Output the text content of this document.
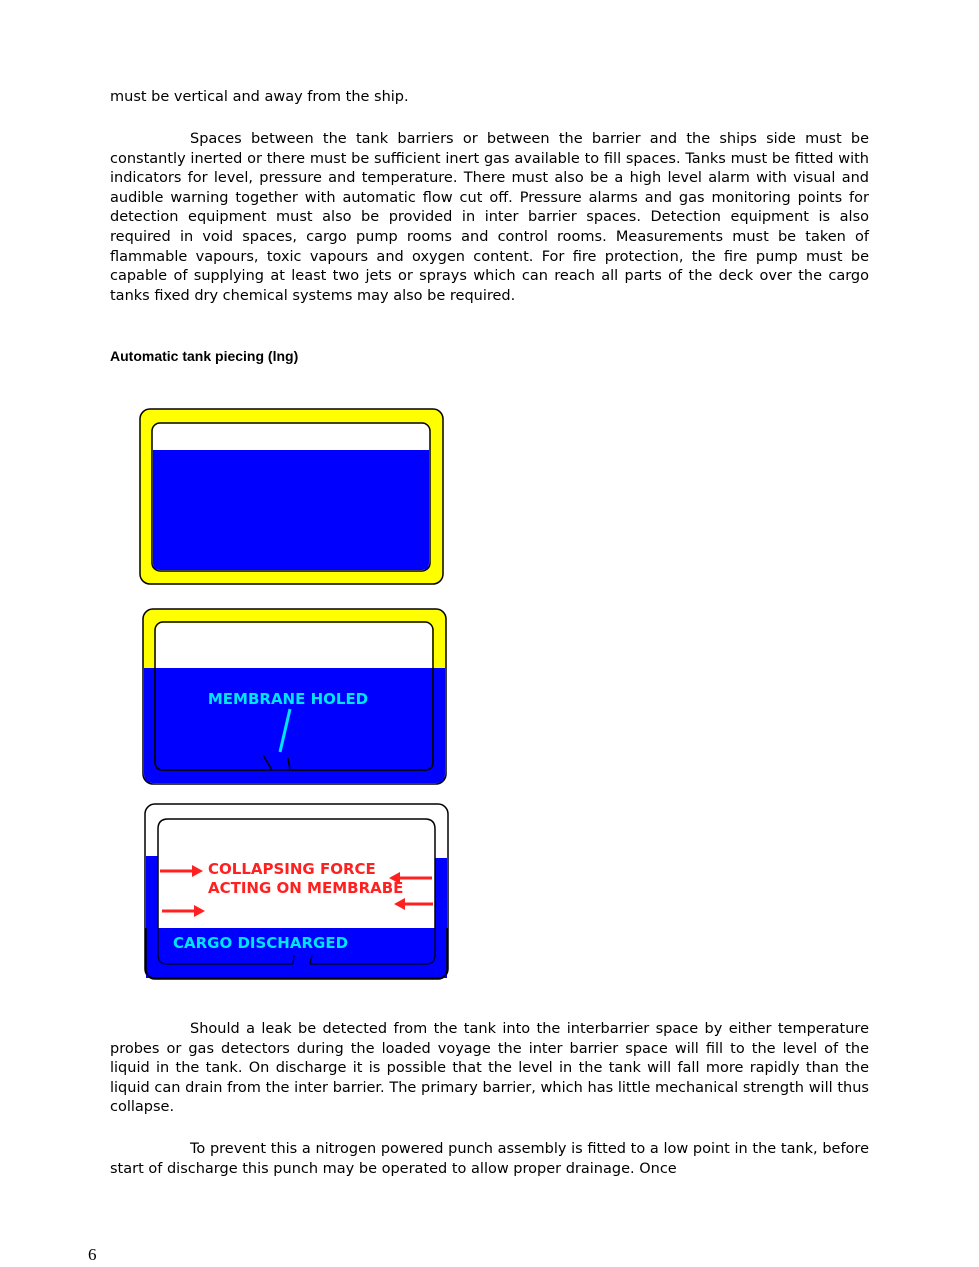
must be vertical and away from the ship.

Spaces between the tank barriers or between the barrier and the ships side must be constantly inerted or there must be sufficient inert gas available to fill spaces. Tanks must be fitted with indicators for level, pressure and temperature. There must also be a high level alarm with visual and audible warning together with automatic flow cut off. Pressure alarms and gas monitoring points for detection equipment must also be provided in inter barrier spaces. Detection equipment is also required in void spaces, cargo pump rooms and control rooms. Measurements must be taken of flammable vapours, toxic vapours and oxygen content. For fire protection, the fire pump must be capable of supplying at least two jets or sprays which can reach all parts of the deck over the cargo tanks fixed dry chemical systems may also be required.

Automatic tank piecing (lng)

MEMBRANE HOLED
COLLAPSING FORCE
ACTING ON MEMBRABE
CARGO DISCHARGED

Should a leak be detected from the tank into the interbarrier space by either temperature probes or gas detectors during the loaded voyage the inter barrier space will fill to the level of the liquid in the tank. On discharge it is possible that the level in the tank will fall more rapidly than the liquid can drain from the inter barrier. The primary barrier, which has little mechanical strength will thus collapse.

To prevent this a nitrogen powered punch assembly is fitted to a low point in the tank, before start of discharge this punch may be operated to allow proper drainage. Once

6
